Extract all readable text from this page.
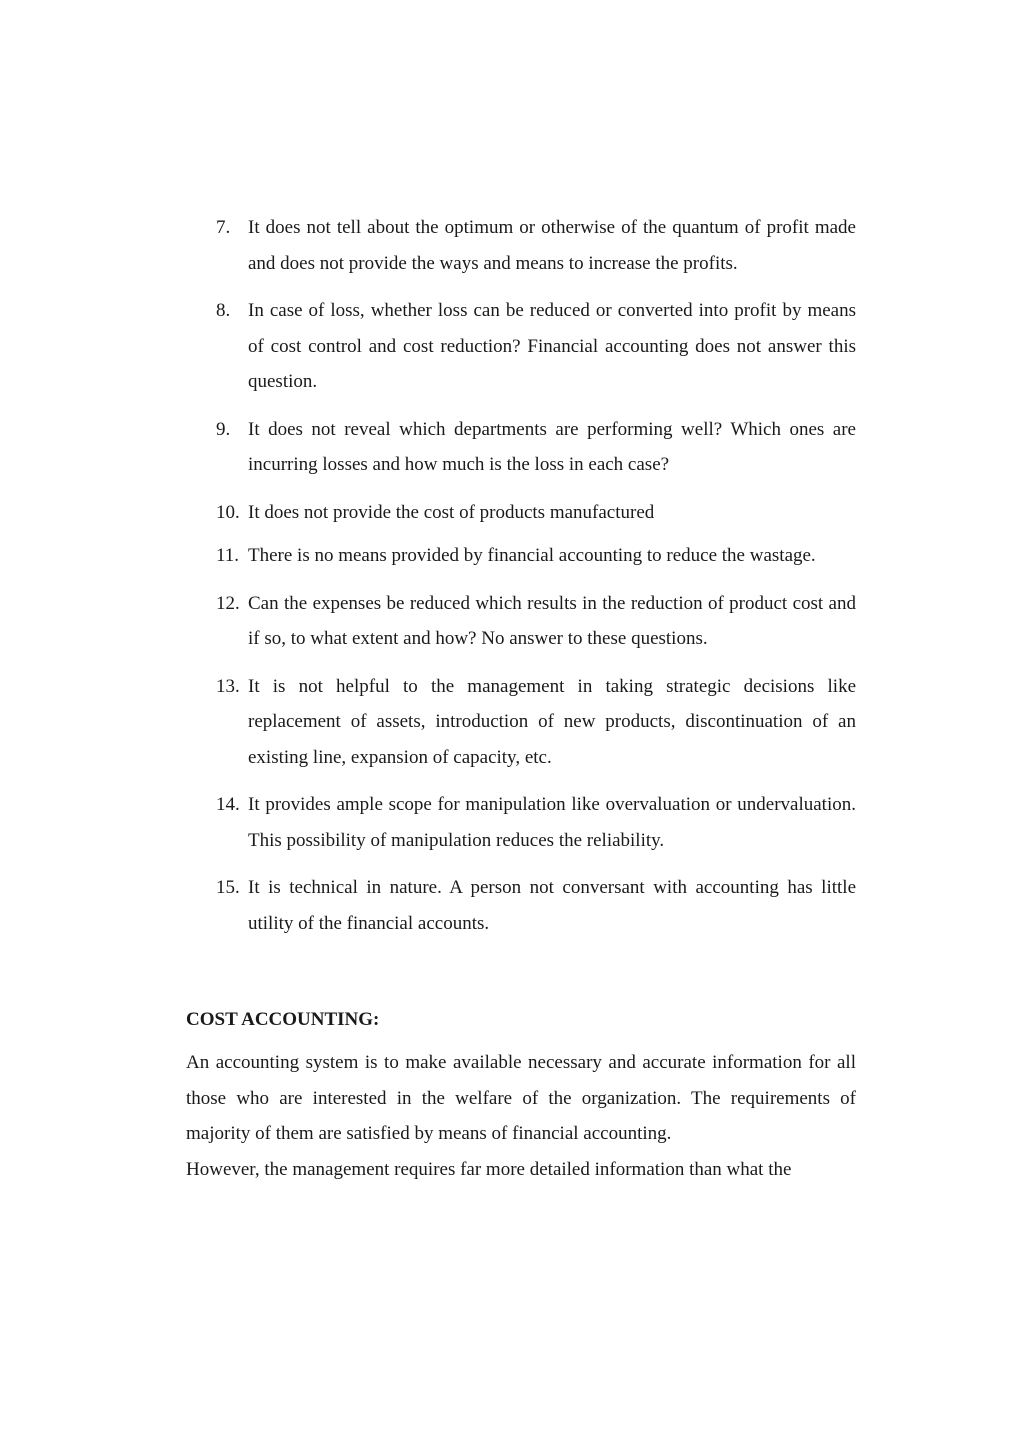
7. It does not tell about the optimum or otherwise of the quantum of profit made and does not provide the ways and means to increase the profits.
8. In case of loss, whether loss can be reduced or converted into profit by means of cost control and cost reduction? Financial accounting does not answer this question.
9. It does not reveal which departments are performing well? Which ones are incurring losses and how much is the loss in each case?
10. It does not provide the cost of products manufactured
11. There is no means provided by financial accounting to reduce the wastage.
12. Can the expenses be reduced which results in the reduction of product cost and if so, to what extent and how? No answer to these questions.
13. It is not helpful to the management in taking strategic decisions like replacement of assets, introduction of new products, discontinuation of an existing line, expansion of capacity, etc.
14. It provides ample scope for manipulation like overvaluation or undervaluation. This possibility of manipulation reduces the reliability.
15. It is technical in nature. A person not conversant with accounting has little utility of the financial accounts.
COST ACCOUNTING:

An accounting system is to make available necessary and accurate information for all those who are interested in the welfare of the organization. The requirements of majority of them are satisfied by means of financial accounting.

However, the management requires far more detailed information than what the
